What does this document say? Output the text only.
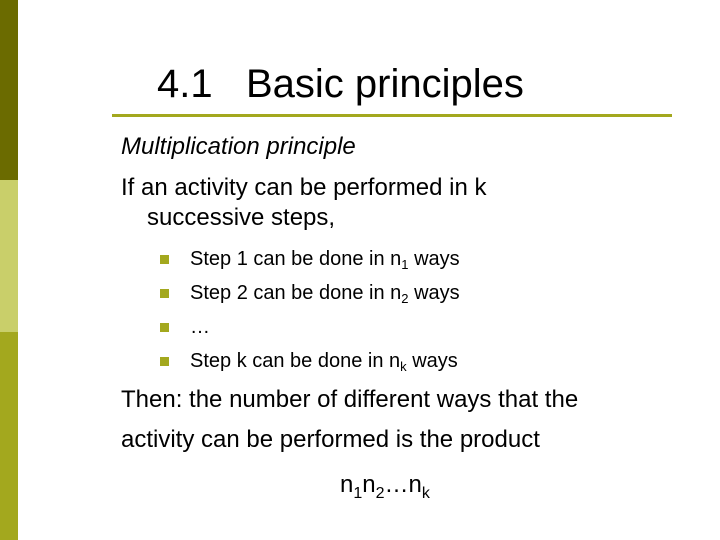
4.1   Basic principles
Multiplication principle
If an activity can be performed in k
successive steps,
Step 1 can be done in $n_1$ ways
Step 2 can be done in $n_2$ ways
…
Step k can be done in $n_k$ ways
Then: the number of different ways that the
activity can be performed is the product
$n_1n_2\dots n_k$
